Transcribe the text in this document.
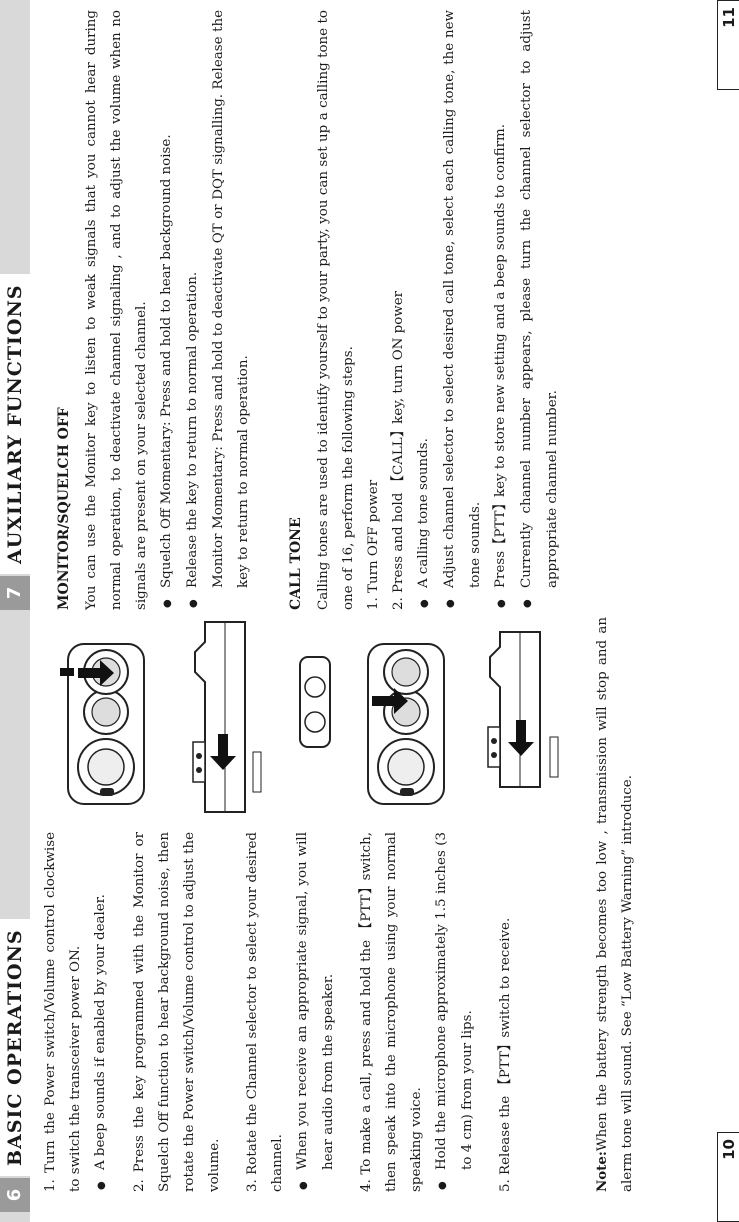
6
BASIC OPERATIONS
7
AUXILIARY FUNCTIONS

1. Turn the Power switch/Volume control clockwise to switch the transceiver power ON. ● A beep sounds if enabled by your dealer.	2. Press the key programmed with the Monitor or Squelch Off function to hear background noise, then rotate the Power switch/Volume control to adjust the volume.	3. Rotate the Channel selector to select your desired channel. ● When you receive an appropriate signal, you will hear audio from the speaker.	4. To make a call, press and hold the 【PTT】switch, then speak into the microphone using your normal speaking voice. ● Hold the microphone approximately 1.5 inches (3 to 4 cm) from your lips.	5. Release the 【PTT】switch to receive.	Note:When the battery strength becomes too low , transmission will stop and an alerm tone will sound. See “Low Battery Warning” introduce.

MONITOR/SQUELCH OFF You can use the Monitor key to listen to weak signals that you cannot hear during normal operation, to deactivate channel signaling , and to adjust the volume when no signals are present on your selected channel. ● Squelch Off Momentary: Press and hold to hear background noise. ● Release the key to return to normal operation. Monitor Momentary: Press and hold to deactivate QT or DQT signalling. Release the key to return to normal operation.	CALL TONE Calling tones are used to identify yourself to your party, you can set up a calling tone to one of 16, perform the following steps. 1. Turn OFF power 2. Press and hold 【CALL】key, turn ON power ● A calling tone sounds. ● Adjust channel selector to select desired call tone, select each calling tone, the new tone sounds. ● Press【PTT】key to store new setting and a beep sounds to confirm. ● Currently channel number appears, please turn the channel selector to adjust appropriate channel number.

10
11
